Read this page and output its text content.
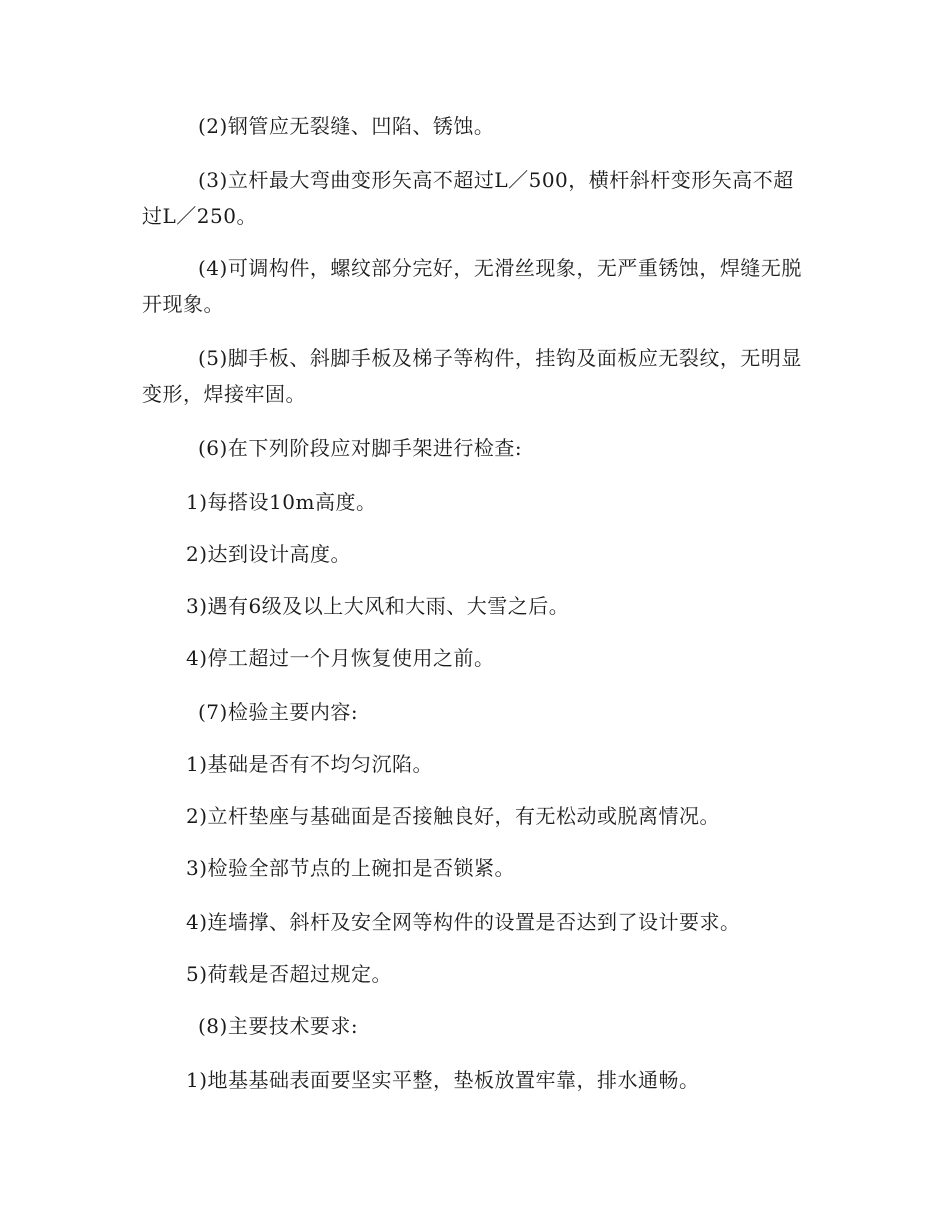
(2)钢管应无裂缝、凹陷、锈蚀。

(3)立杆最大弯曲变形矢高不超过L／500，横杆斜杆变形矢高不超过L／250。

(4)可调构件，螺纹部分完好，无滑丝现象，无严重锈蚀，焊缝无脱开现象。

(5)脚手板、斜脚手板及梯子等构件，挂钩及面板应无裂纹，无明显变形，焊接牢固。

(6)在下列阶段应对脚手架进行检查:

1)每搭设10m高度。

2)达到设计高度。

3)遇有6级及以上大风和大雨、大雪之后。

4)停工超过一个月恢复使用之前。

(7)检验主要内容:

1)基础是否有不均匀沉陷。

2)立杆垫座与基础面是否接触良好，有无松动或脱离情况。

3)检验全部节点的上碗扣是否锁紧。

4)连墙撑、斜杆及安全网等构件的设置是否达到了设计要求。

5)荷载是否超过规定。

(8)主要技术要求:

1)地基基础表面要坚实平整，垫板放置牢靠，排水通畅。
